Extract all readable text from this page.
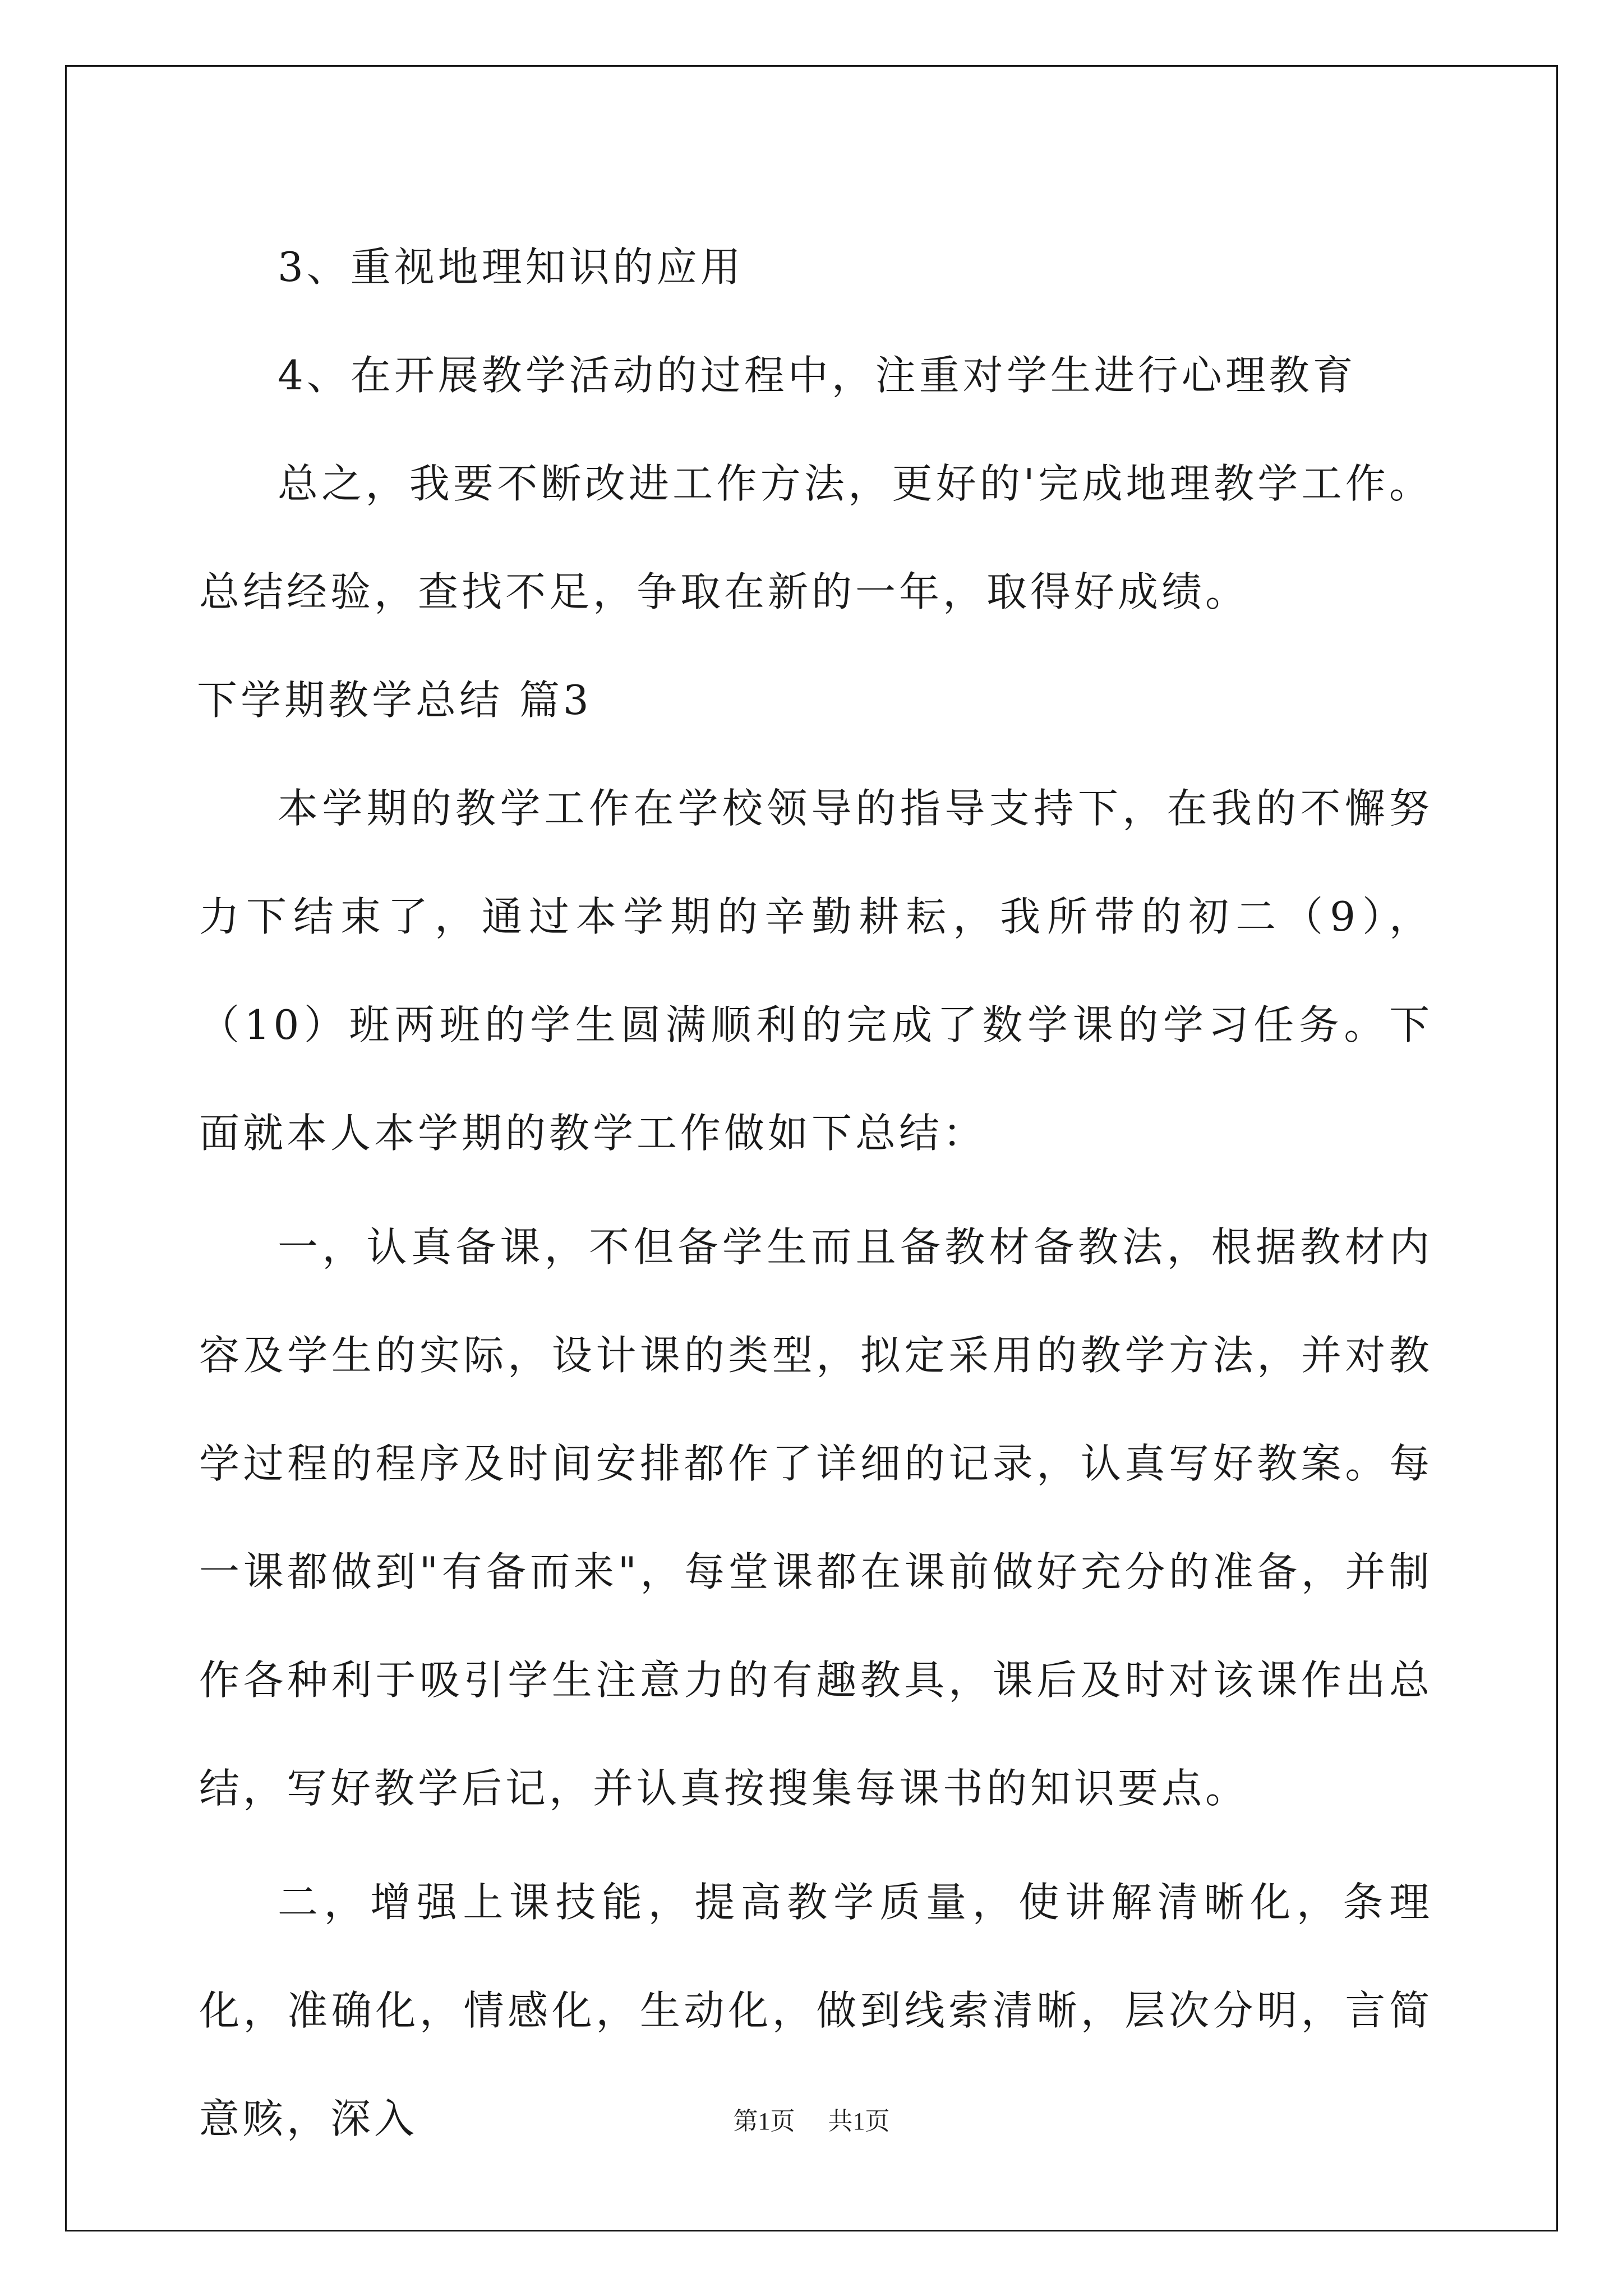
3、重视地理知识的应用

4、在开展教学活动的过程中，注重对学生进行心理教育

总之，我要不断改进工作方法，更好的'完成地理教学工作。总结经验，查找不足，争取在新的一年，取得好成绩。

下学期教学总结 篇3

本学期的教学工作在学校领导的指导支持下，在我的不懈努力下结束了，通过本学期的辛勤耕耘，我所带的初二（9），（10）班两班的学生圆满顺利的完成了数学课的学习任务。下面就本人本学期的教学工作做如下总结：

一，认真备课，不但备学生而且备教材备教法，根据教材内容及学生的实际，设计课的类型，拟定采用的教学方法，并对教学过程的程序及时间安排都作了详细的记录，认真写好教案。每一课都做到"有备而来"，每堂课都在课前做好充分的准备，并制作各种利于吸引学生注意力的有趣教具，课后及时对该课作出总结，写好教学后记，并认真按搜集每课书的知识要点。

二，增强上课技能，提高教学质量，使讲解清晰化，条理化，准确化，情感化，生动化，做到线索清晰，层次分明，言简意赅，深入	第1页 共1页
